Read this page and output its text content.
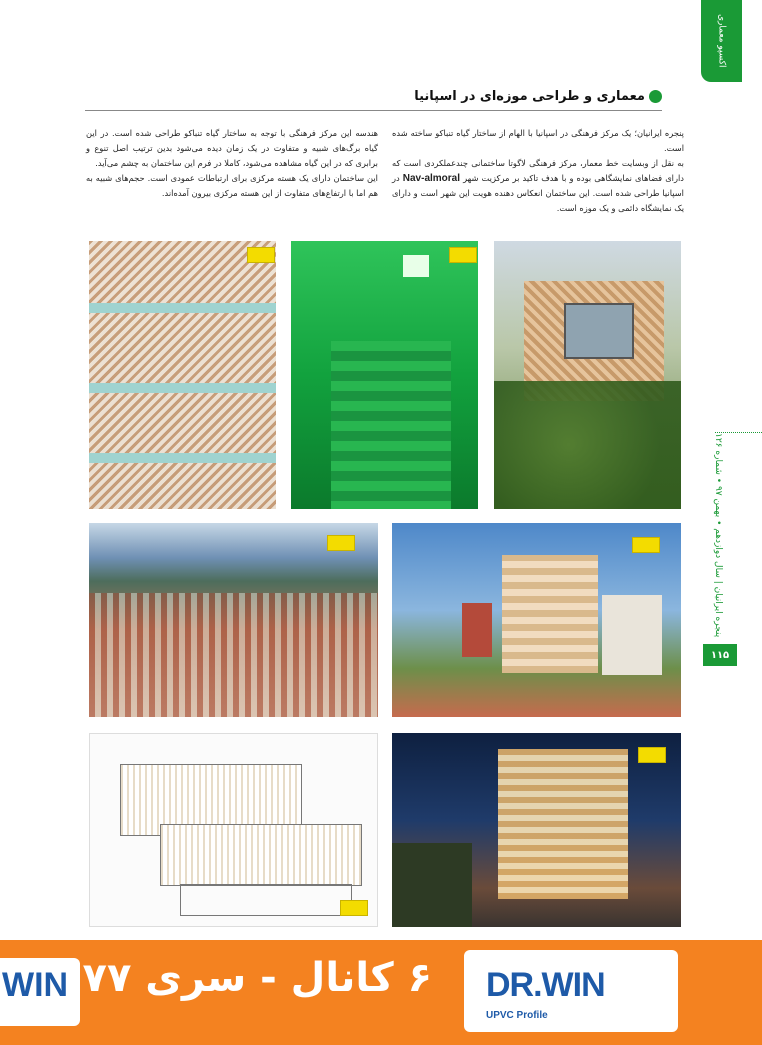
اکسپو معماری
معماری و طراحی موزه‌ای در اسپانیا

پنجره ایرانیان؛ یک مرکز فرهنگی در اسپانیا با الهام از ساختار گیاه تنباکو ساخته شده است.

به نقل از وبسایت خط معمار، مرکز فرهنگی لاگوتا ساختمانی چندعملکردی است که دارای فضاهای نمایشگاهی بوده و با هدف تاکید بر مرکزیت شهر Nav-almoral در اسپانیا طراحی شده است. این ساختمان انعکاس دهنده هویت این شهر است و دارای یک نمایشگاه دائمی و یک موزه است.

هندسه این مرکز فرهنگی با توجه به ساختار گیاه تنباکو طراحی شده است. در این گیاه برگ‌های شبیه و متفاوت در یک زمان دیده می‌شود بدین ترتیب اصل تنوع و برابری که در این گیاه مشاهده می‌شود، کاملا در فرم این ساختمان به چشم می‌آید.

این ساختمان دارای یک هسته مرکزی برای ارتباطات عمودی است. حجم‌های شبیه به هم اما با ارتفاع‌های متفاوت از این هسته مرکزی بیرون آمده‌اند.

پنجره ایرانیان | سال دوازدهم • بهمن ۹۷ • شماره ۱۲۶
۱۱۵
WIN ۶ کانال - سری ۷۷ DR.WIN
UPVC Profile
